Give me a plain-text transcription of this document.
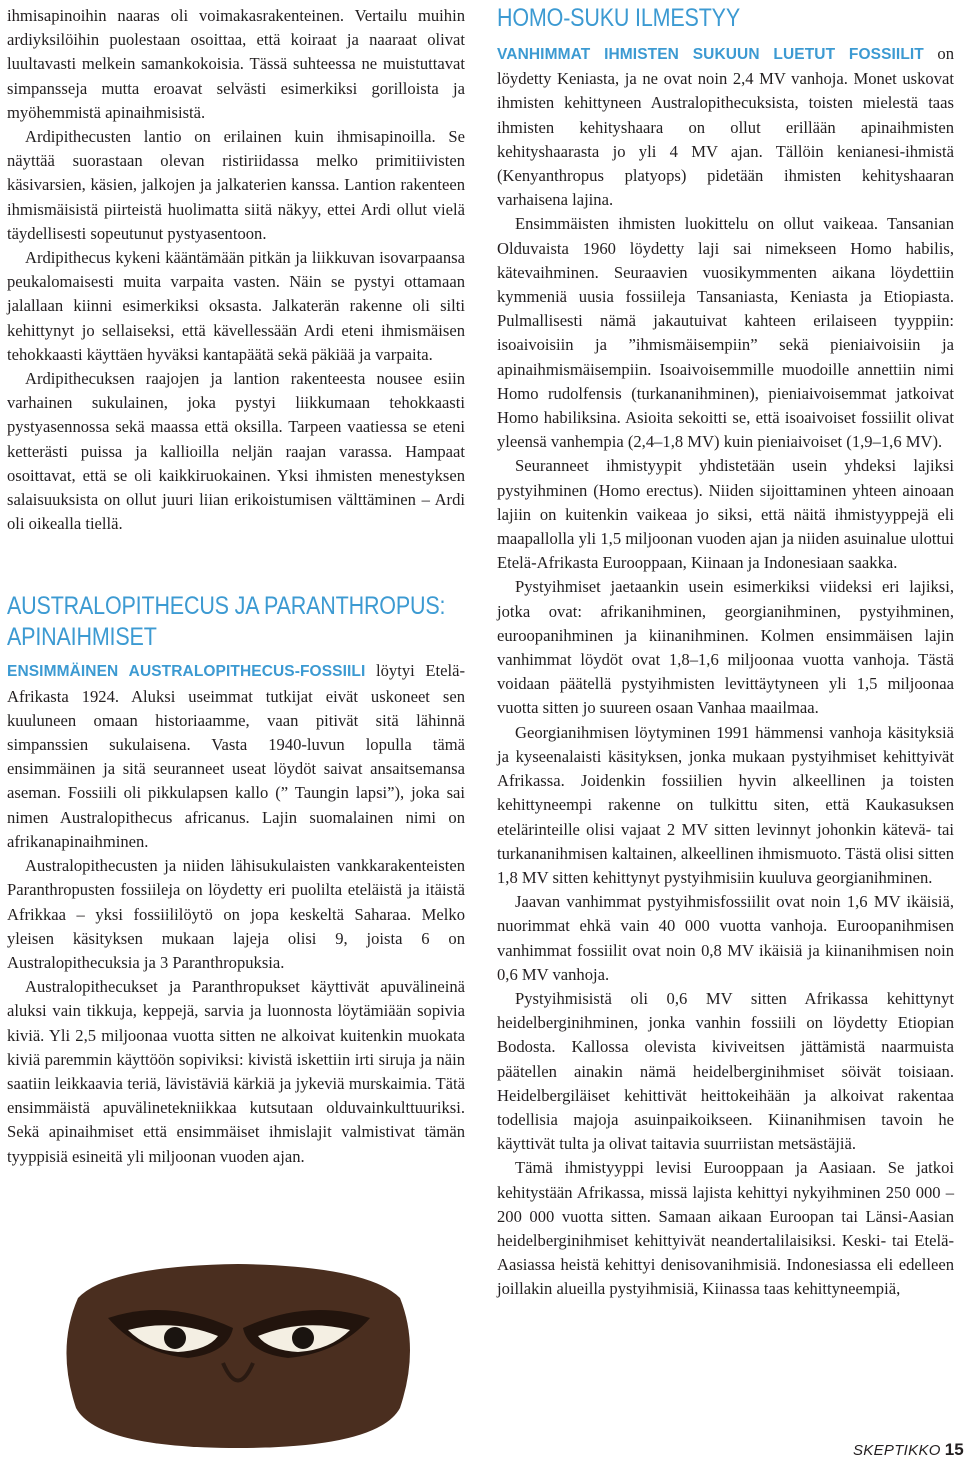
ihmisapinoihin naaras oli voimakasrakenteinen. Vertailu muihin ardiyksilöihin puolestaan osoittaa, että koiraat ja naaraat olivat luultavasti melkein samankokoisia. Tässä suhteessa ne muistuttavat simpansseja mutta eroavat selvästi esimerkiksi gorilloista ja myöhemmistä apinaihmisistä.

Ardipithecusten lantio on erilainen kuin ihmisapinoilla. Se näyttää suorastaan olevan ristiriidassa melko primitiivisten käsivarsien, käsien, jalkojen ja jalkaterien kanssa. Lantion rakenteen ihmismäisistä piirteistä huolimatta siitä näkyy, ettei Ardi ollut vielä täydellisesti sopeutunut pystyasentoon.

Ardipithecus kykeni kääntämään pitkän ja liikkuvan isovarpaansa peukalomaisesti muita varpaita vasten. Näin se pystyi ottamaan jalallaan kiinni esimerkiksi oksasta. Jalkaterän rakenne oli silti kehittynyt jo sellaiseksi, että kävellessään Ardi eteni ihmismäisen tehokkaasti käyttäen hyväksi kantapäätä sekä päkiää ja varpaita.

Ardipithecuksen raajojen ja lantion rakenteesta nousee esiin varhainen sukulainen, joka pystyi liikkumaan tehokkaasti pystyasennossa sekä maassa että oksilla. Tarpeen vaatiessa se eteni ketterästi puissa ja kallioilla neljän raajan varassa. Hampaat osoittavat, että se oli kaikkiruokainen. Yksi ihmisten menestyksen salaisuuksista on ollut juuri liian erikoistumisen välttäminen – Ardi oli oikealla tiellä.

AUSTRALOPITHECUS JA PARANTHROPUS: APINAIHMISET

ENSIMMÄINEN AUSTRALOPITHECUS-FOSSIILI löytyi Etelä-Afrikasta 1924. Aluksi useimmat tutkijat eivät uskoneet sen kuuluneen omaan historiaamme, vaan pitivät sitä lähinnä simpanssien sukulaisena. Vasta 1940-luvun lopulla tämä ensimmäinen ja sitä seuranneet useat löydöt saivat ansaitsemansa aseman. Fossiili oli pikkulapsen kallo (” Taungin lapsi”), joka sai nimen Australopithecus africanus. Lajin suomalainen nimi on afrikanapinaihminen.

Australopithecusten ja niiden lähisukulaisten vankkarakenteisten Paranthropusten fossiileja on löydetty eri puolilta eteläistä ja itäistä Afrikkaa – yksi fossiililöytö on jopa keskeltä Saharaa. Melko yleisen käsityksen mukaan lajeja olisi 9, joista 6 on Australopithecuksia ja 3 Paranthropuksia.

Australopithecukset ja Paranthropukset käyttivät apuvälineinä aluksi vain tikkuja, keppejä, sarvia ja luonnosta löytämiään sopivia kiviä. Yli 2,5 miljoonaa vuotta sitten ne alkoivat kuitenkin muokata kiviä paremmin käyttöön sopiviksi: kivistä iskettiin irti siruja ja näin saatiin leikkaavia teriä, lävistäviä kärkiä ja jykeviä murskaimia. Tätä ensimmäistä apuvälinetekniikkaa kutsutaan olduvainkulttuuriksi. Sekä apinaihmiset että ensimmäiset ihmislajit valmistivat tämän tyyppisiä esineitä yli miljoonan vuoden ajan.

HOMO-SUKU ILMESTYY

VANHIMMAT IHMISTEN SUKUUN LUETUT FOSSIILIT on löydetty Keniasta, ja ne ovat noin 2,4 MV vanhoja. Monet uskovat ihmisten kehittyneen Australopithecuksista, toisten mielestä taas ihmisten kehityshaara on ollut erillään apinaihmisten kehityshaarasta jo yli 4 MV ajan. Tällöin kenianesi-ihmistä (Kenyanthropus platyops) pidetään ihmisten kehityshaaran varhaisena lajina.

Ensimmäisten ihmisten luokittelu on ollut vaikeaa. Tansanian Olduvaista 1960 löydetty laji sai nimekseen Homo habilis, kätevaihminen. Seuraavien vuosikymmenten aikana löydettiin kymmeniä uusia fossiileja Tansaniasta, Keniasta ja Etiopiasta. Pulmallisesti nämä jakautuivat kahteen erilaiseen tyyppiin: isoaivoisiin ja ”ihmismäisempiin” sekä pieniaivoisiin ja apinaihmismäisempiin. Isoaivoisemmille muodoille annettiin nimi Homo rudolfensis (turkananihminen), pieniaivoisemmat jatkoivat Homo habiliksina. Asioita sekoitti se, että isoaivoiset fossiilit olivat yleensä vanhempia (2,4–1,8 MV) kuin pieniaivoiset (1,9–1,6 MV).

Seuranneet ihmistyypit yhdistetään usein yhdeksi lajiksi pystyihminen (Homo erectus). Niiden sijoittaminen yhteen ainoaan lajiin on kuitenkin vaikeaa jo siksi, että näitä ihmistyyppejä eli maapallolla yli 1,5 miljoonan vuoden ajan ja niiden asuinalue ulottui Etelä-Afrikasta Eurooppaan, Kiinaan ja Indonesiaan saakka.

Pystyihmiset jaetaankin usein esimerkiksi viideksi eri lajiksi, jotka ovat: afrikanihminen, georgianihminen, pystyihminen, euroopanihminen ja kiinanihminen. Kolmen ensimmäisen lajin vanhimmat löydöt ovat 1,8–1,6 miljoonaa vuotta vanhoja. Tästä voidaan päätellä pystyihmisten levittäytyneen yli 1,5 miljoonaa vuotta sitten jo suureen osaan Vanhaa maailmaa.

Georgianihmisen löytyminen 1991 hämmensi vanhoja käsityksiä ja kyseenalaisti käsityksen, jonka mukaan pystyihmiset kehittyivät Afrikassa. Joidenkin fossiilien hyvin alkeellinen ja toisten kehittyneempi rakenne on tulkittu siten, että Kaukasuksen etelärinteille olisi vajaat 2 MV sitten levinnyt johonkin kätevä- tai turkananihmisen kaltainen, alkeellinen ihmismuoto. Tästä olisi sitten 1,8 MV sitten kehittynyt pystyihmisiin kuuluva georgianihminen.

Jaavan vanhimmat pystyihmisfossiilit ovat noin 1,6 MV ikäisiä, nuorimmat ehkä vain 40 000 vuotta vanhoja. Euroopanihmisen vanhimmat fossiilit ovat noin 0,8 MV ikäisiä ja kiinanihmisen noin 0,6 MV vanhoja.

Pystyihmisistä oli 0,6 MV sitten Afrikassa kehittynyt heidelberginihminen, jonka vanhin fossiili on löydetty Etiopian Bodosta. Kallossa olevista kiviveitsen jättämistä naarmuista päätellen ainakin nämä heidelberginihmiset söivät toisiaan. Heidelbergiläiset kehittivät heittokeihään ja alkoivat rakentaa todellisia majoja asuinpaikoikseen. Kiinanihmisen tavoin he käyttivät tulta ja olivat taitavia suurriistan metsästäjiä.

Tämä ihmistyyppi levisi Eurooppaan ja Aasiaan. Se jatkoi kehitystään Afrikassa, missä lajista kehittyi nykyihminen 250 000 – 200 000 vuotta sitten. Samaan aikaan Euroopan tai Länsi-Aasian heidelberginihmiset kehittyivät neandertalilaisiksi. Keski- tai Etelä-Aasiassa heistä kehittyi denisovanihmisiä. Indonesiassa eli edelleen joillakin alueilla pystyihmisiä, Kiinassa taas kehittyneempiä,

SKEPTIKKO 15
